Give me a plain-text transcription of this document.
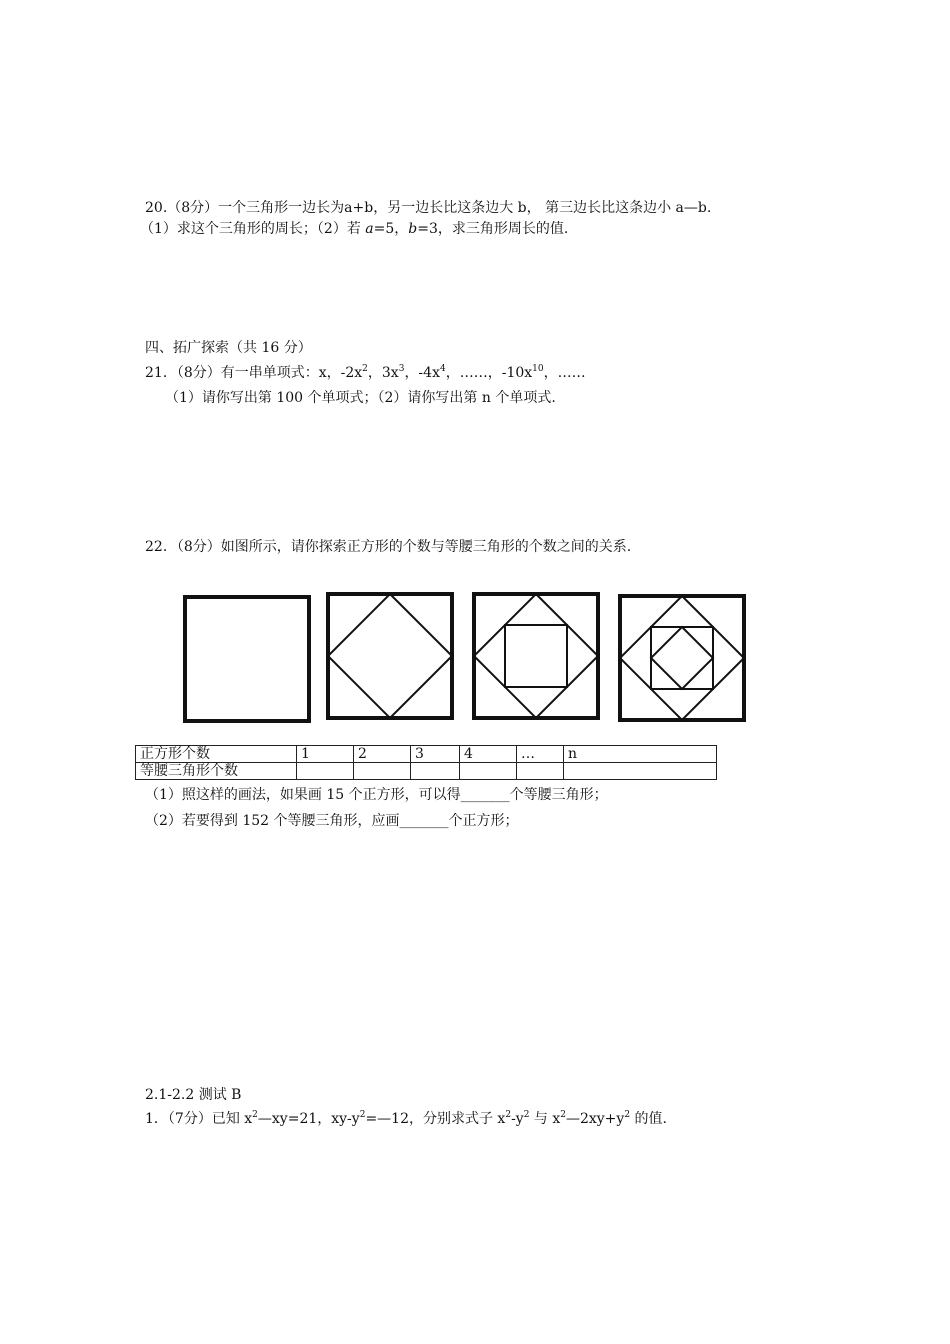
20.（8分）一个三角形一边长为a+b，另一边长比这条边大 b， 第三边长比这条边小 a—b.
（1）求这个三角形的周长；（2）若 a=5，b=3，求三角形周长的值.
四、拓广探索（共 16 分）
21．（8分）有一串单项式：x，$-2x^2$，$3x^3$，$-4x^4$，……，$-10x^{10}$，……
（1）请你写出第 100 个单项式；（2）请你写出第 n 个单项式.
22．（8分）如图所示，请你探索正方形的个数与等腰三角形的个数之间的关系.
正方形个数	1	2	3	4	…	n
等腰三角形个数						
（1）照这样的画法，如果画 15 个正方形，可以得_______个等腰三角形；
（2）若要得到 152 个等腰三角形，应画_______个正方形；
2.1-2.2 测试 B
1．（7分）已知 $x^2—xy=21$，$xy-y^2=—12$，分别求式子 $x^2-y^2$ 与 $x^2—2xy+y^2$ 的值.
